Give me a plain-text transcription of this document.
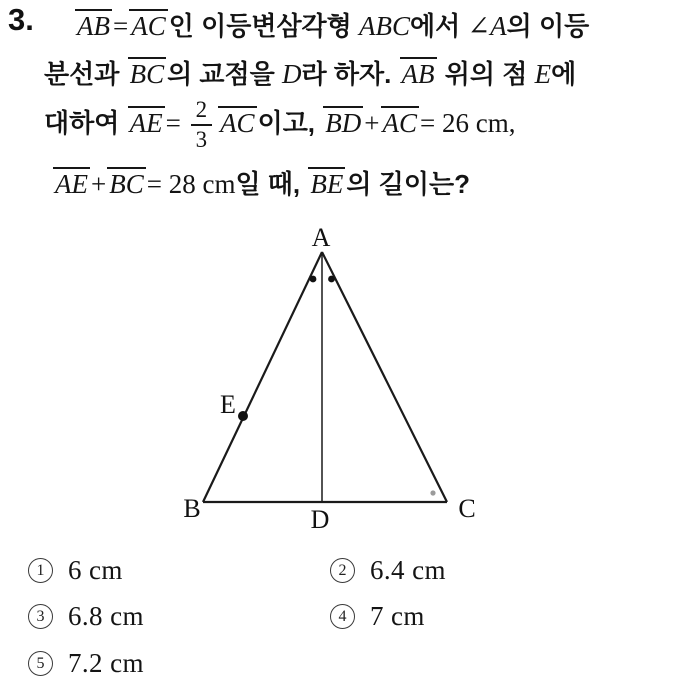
3. AB = AC 인 이등변삼각형 ABC에서 ∠A의 이등
분선과 BC 의 교점을 D라 하자. AB 위의 점 E에
대하여 AE = $\frac{2}{3}$ AC 이고, BD + AC = 26 cm,
AE + BC = 28 cm일 때, BE 의 길이는?
A
B	C
D
E
1 6 cm	2 6.4 cm
3 6.8 cm	4 7 cm
5 7.2 cm
